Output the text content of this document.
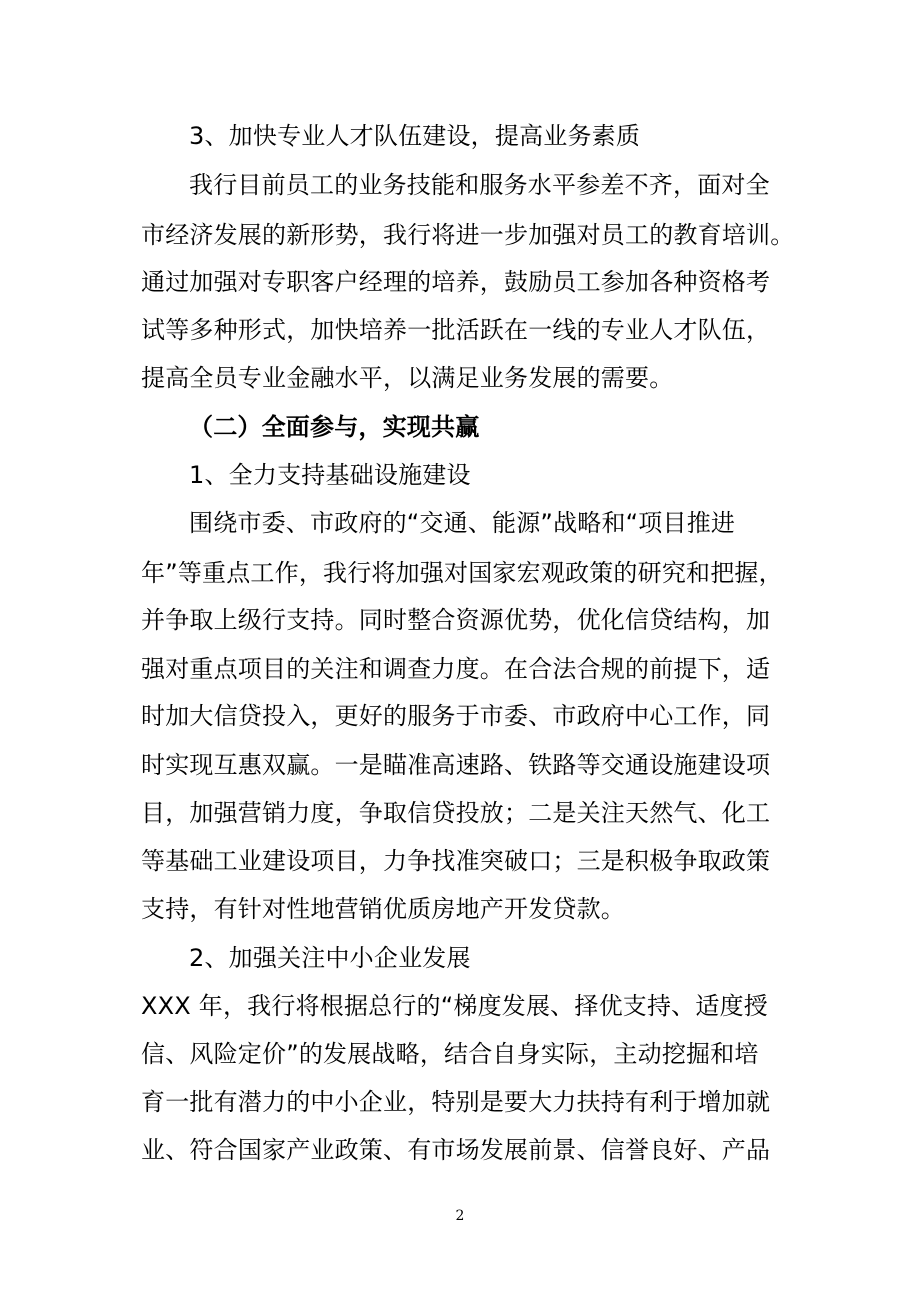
3、加快专业人才队伍建设，提高业务素质
我行目前员工的业务技能和服务水平参差不齐，面对全
市经济发展的新形势，我行将进一步加强对员工的教育培训。
通过加强对专职客户经理的培养，鼓励员工参加各种资格考
试等多种形式，加快培养一批活跃在一线的专业人才队伍，
提高全员专业金融水平，以满足业务发展的需要。
（二）全面参与，实现共赢
1、全力支持基础设施建设
围绕市委、市政府的“交通、能源”战略和“项目推进
年”等重点工作，我行将加强对国家宏观政策的研究和把握，
并争取上级行支持。同时整合资源优势，优化信贷结构，加
强对重点项目的关注和调查力度。在合法合规的前提下，适
时加大信贷投入，更好的服务于市委、市政府中心工作，同
时实现互惠双赢。一是瞄准高速路、铁路等交通设施建设项
目，加强营销力度，争取信贷投放；二是关注天然气、化工
等基础工业建设项目，力争找准突破口；三是积极争取政策
支持，有针对性地营销优质房地产开发贷款。
2、加强关注中小企业发展
XXX 年，我行将根据总行的“梯度发展、择优支持、适度授
信、风险定价”的发展战略，结合自身实际，主动挖掘和培
育一批有潜力的中小企业，特别是要大力扶持有利于增加就
业、符合国家产业政策、有市场发展前景、信誉良好、产品
2
